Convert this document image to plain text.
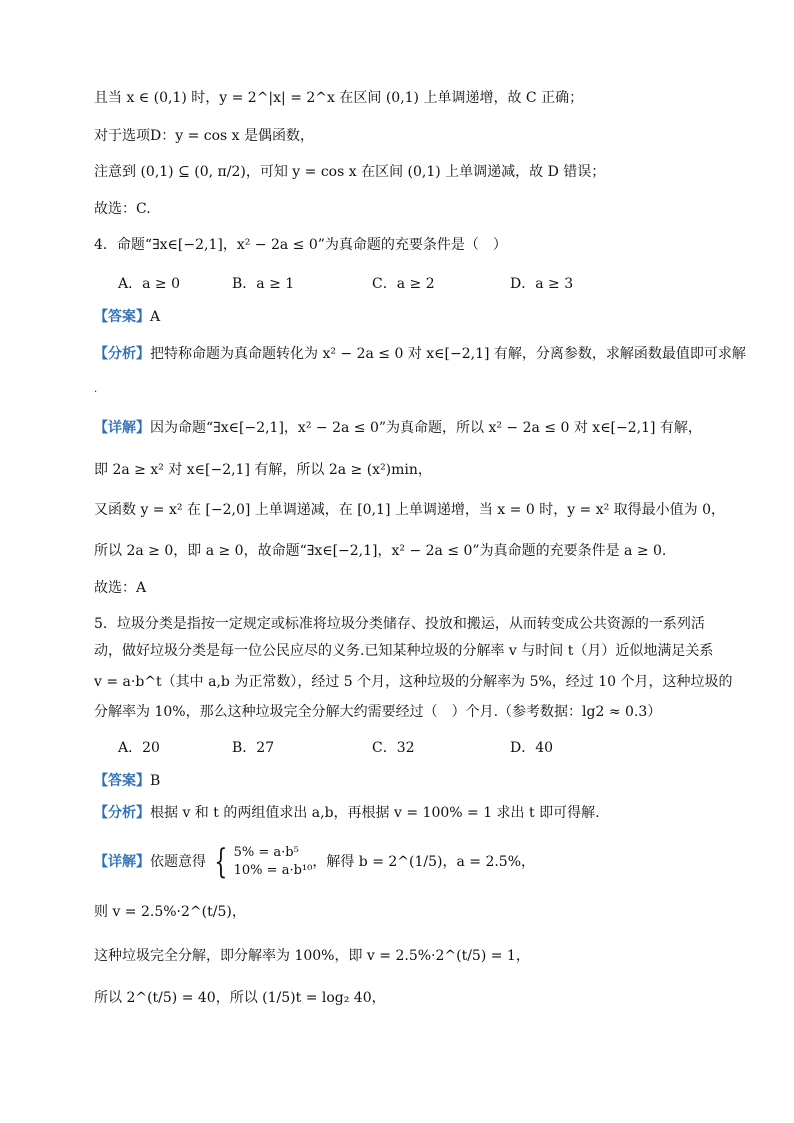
且当 x ∈ (0,1) 时，y = 2^|x| = 2^x 在区间 (0,1) 上单调递增，故 C 正确；
对于选项D：y = cos x 是偶函数，
注意到 (0,1) ⊆ (0, π/2)，可知 y = cos x 在区间 (0,1) 上单调递减，故 D 错误；
故选：C.
4．命题“∃x∈[−2,1]，x² − 2a ≤ 0”为真命题的充要条件是（　）
A．a ≥ 0	B．a ≥ 1	C．a ≥ 2	D．a ≥ 3
【答案】A
【分析】把特称命题为真命题转化为 x² − 2a ≤ 0 对 x∈[−2,1] 有解，分离参数，求解函数最值即可求解
.
【详解】因为命题“∃x∈[−2,1]，x² − 2a ≤ 0”为真命题，所以 x² − 2a ≤ 0 对 x∈[−2,1] 有解，
即 2a ≥ x² 对 x∈[−2,1] 有解，所以 2a ≥ (x²)min，
又函数 y = x² 在 [−2,0] 上单调递减，在 [0,1] 上单调递增，当 x = 0 时，y = x² 取得最小值为 0，
所以 2a ≥ 0，即 a ≥ 0，故命题“∃x∈[−2,1]，x² − 2a ≤ 0”为真命题的充要条件是 a ≥ 0.
故选：A
5．垃圾分类是指按一定规定或标准将垃圾分类储存、投放和搬运，从而转变成公共资源的一系列活
动，做好垃圾分类是每一位公民应尽的义务.已知某种垃圾的分解率 v 与时间 t（月）近似地满足关系
v = a·b^t（其中 a,b 为正常数），经过 5 个月，这种垃圾的分解率为 5%，经过 10 个月，这种垃圾的
分解率为 10%，那么这种垃圾完全分解大约需要经过（　）个月.（参考数据：lg2 ≈ 0.3）
A．20	B．27	C．32	D．40
【答案】B
【分析】根据 v 和 t 的两组值求出 a,b，再根据 v = 100% = 1 求出 t 即可得解.
【详解】 依题意得 { 5% = a·b⁵
10% = a·b¹⁰
，解得 b = 2^(1/5)，a = 2.5%，
则 v = 2.5%·2^(t/5)，
这种垃圾完全分解，即分解率为 100%，即 v = 2.5%·2^(t/5) = 1，
所以 2^(t/5) = 40，所以 (1/5)t = log₂ 40，
